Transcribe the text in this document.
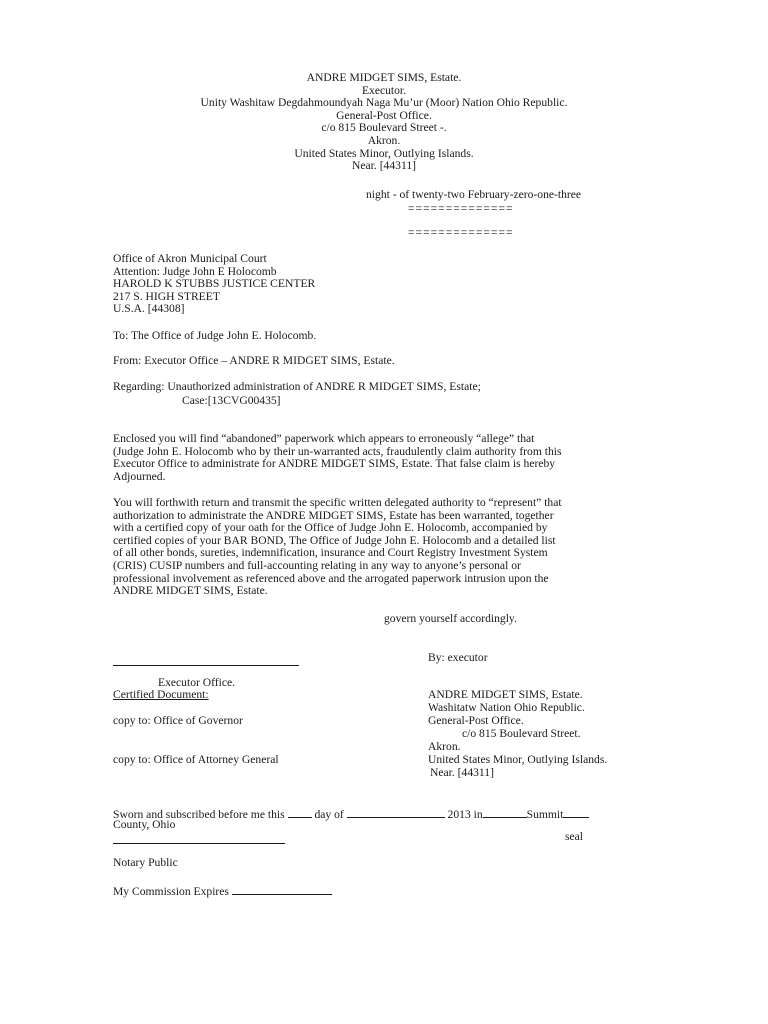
ANDRE MIDGET SIMS, Estate.
Executor.
Unity Washitaw Degdahmoundyah Naga Mu’ur (Moor) Nation Ohio Republic.
General-Post Office.
c/o 815 Boulevard Street -.
Akron.
United States Minor, Outlying Islands.
Near. [44311]
night - of twenty-two February-zero-one-three
==============
==============
Office of Akron Municipal Court
Attention: Judge John E Holocomb
HAROLD K STUBBS JUSTICE CENTER
217 S. HIGH STREET
U.S.A. [44308]
To: The Office of Judge John E. Holocomb.
From: Executor Office – ANDRE R MIDGET SIMS, Estate.
Regarding: Unauthorized administration of ANDRE R MIDGET SIMS, Estate;
Case:[13CVG00435]
Enclosed you will find “abandoned” paperwork which appears to erroneously “allege” that
(Judge John E. Holocomb who by their un-warranted acts, fraudulently claim authority from this
Executor Office to administrate for ANDRE MIDGET SIMS, Estate. That false claim is hereby
Adjourned.
You will forthwith return and transmit the specific written delegated authority to “represent” that
authorization to administrate the ANDRE MIDGET SIMS, Estate has been warranted, together
with a certified copy of your oath for the Office of Judge John E. Holocomb, accompanied by
certified copies of your BAR BOND, The Office of Judge John E. Holocomb and a detailed list
of all other bonds, sureties, indemnification, insurance and Court Registry Investment System
(CRIS) CUSIP numbers and full-accounting relating in any way to anyone’s personal or
professional involvement as referenced above and the arrogated paperwork intrusion upon the
ANDRE MIDGET SIMS, Estate.
govern yourself accordingly.
By: executor
Executor Office.
Certified Document:
copy to: Office of Governor
copy to: Office of Attorney General
ANDRE MIDGET SIMS, Estate.
Washitatw Nation Ohio Republic.
General-Post Office.
c/o 815 Boulevard Street.
Akron.
United States Minor, Outlying Islands.
Near. [44311]
Sworn and subscribed before me this	day of	2013 in	Summit
County, Ohio
seal
Notary Public
My Commission Expires
